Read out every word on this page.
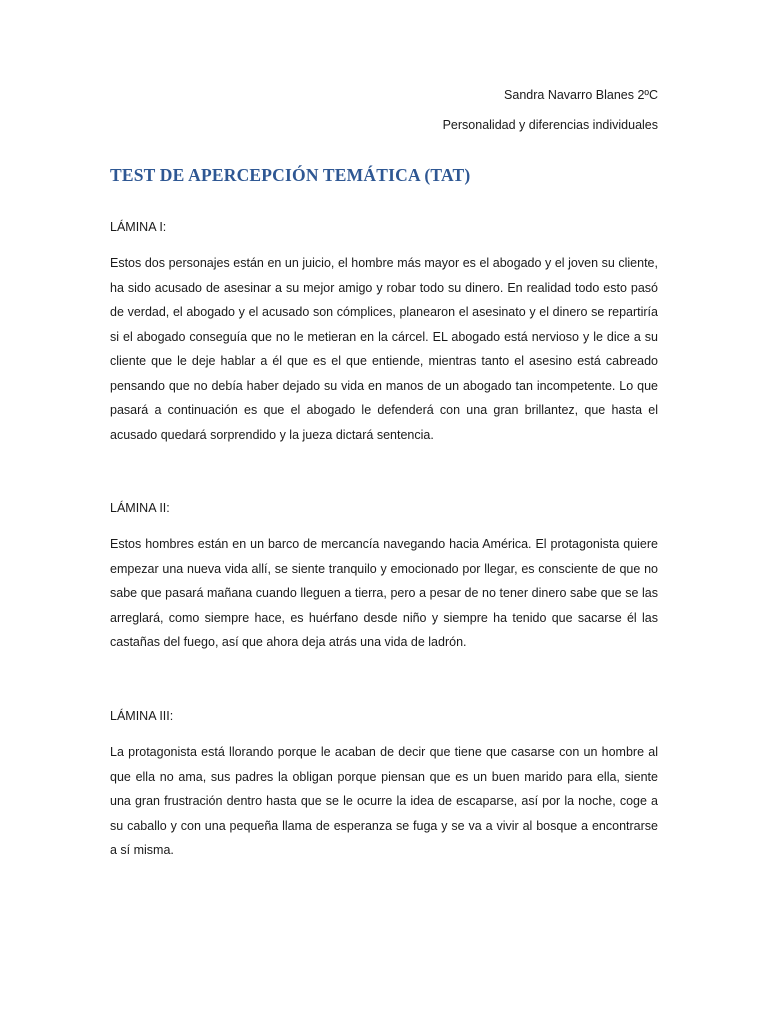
Sandra Navarro Blanes 2ºC
Personalidad y diferencias individuales
TEST DE APERCEPCIÓN TEMÁTICA (TAT)
LÁMINA I:

Estos dos personajes están en un juicio, el hombre más mayor es el abogado y el joven su cliente, ha sido acusado de asesinar a su mejor amigo y robar todo su dinero. En realidad todo esto pasó de verdad, el abogado y el acusado son cómplices, planearon el asesinato y el dinero se repartiría si el abogado conseguía que no le metieran en la cárcel. EL abogado está nervioso y le dice a su cliente que le deje hablar a él que es el que entiende, mientras tanto el asesino está cabreado pensando que no debía haber dejado su vida en manos de un abogado tan incompetente. Lo que pasará a continuación es que el abogado le defenderá con una gran brillantez, que hasta el acusado quedará sorprendido y la jueza dictará sentencia.

LÁMINA II:

Estos hombres están en un barco de mercancía navegando hacia América. El protagonista quiere empezar una nueva vida allí, se siente tranquilo y emocionado por llegar, es consciente de que no sabe que pasará mañana cuando lleguen a tierra, pero a pesar de no tener dinero sabe que se las arreglará, como siempre hace, es huérfano desde niño y siempre ha tenido que sacarse él las castañas del fuego, así que ahora deja atrás una vida de ladrón.

LÁMINA III:

La protagonista está llorando porque le acaban de decir que tiene que casarse con un hombre al que ella no ama, sus padres la obligan porque piensan que es un buen marido para ella, siente una gran frustración dentro hasta que se le ocurre la idea de escaparse, así por la noche, coge a su caballo y con una pequeña llama de esperanza se fuga y se va a vivir al bosque a encontrarse a sí misma.
